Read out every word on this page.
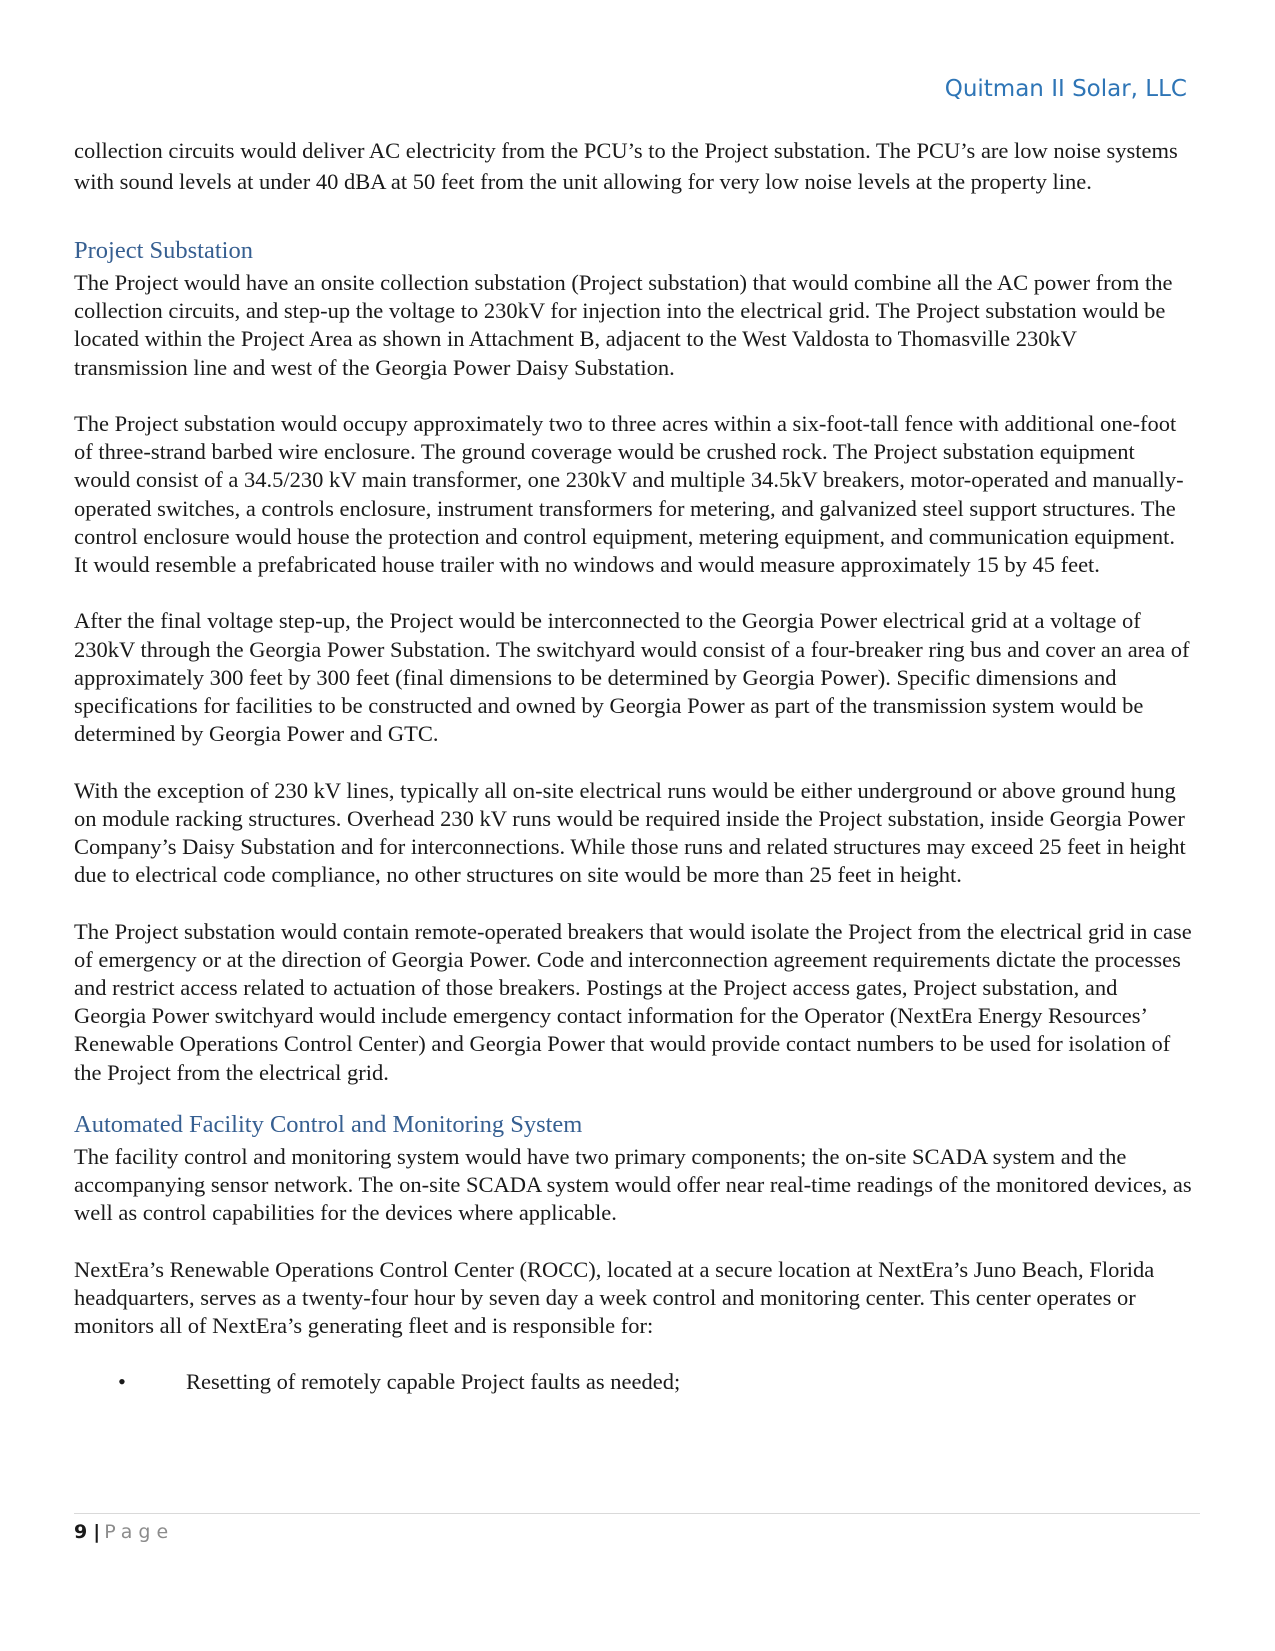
Quitman II Solar, LLC

collection circuits would deliver AC electricity from the PCU’s to the Project substation. The PCU’s are low noise systems with sound levels at under 40 dBA at 50 feet from the unit allowing for very low noise levels at the property line.

Project Substation

The Project would have an onsite collection substation (Project substation) that would combine all the AC power from the collection circuits, and step-up the voltage to 230kV for injection into the electrical grid. The Project substation would be located within the Project Area as shown in Attachment B, adjacent to the West Valdosta to Thomasville 230kV transmission line and west of the Georgia Power Daisy Substation.

The Project substation would occupy approximately two to three acres within a six-foot-tall fence with additional one-foot of three-strand barbed wire enclosure. The ground coverage would be crushed rock. The Project substation equipment would consist of a 34.5/230 kV main transformer, one 230kV and multiple 34.5kV breakers, motor-operated and manually-operated switches, a controls enclosure, instrument transformers for metering, and galvanized steel support structures. The control enclosure would house the protection and control equipment, metering equipment, and communication equipment. It would resemble a prefabricated house trailer with no windows and would measure approximately 15 by 45 feet.

After the final voltage step-up, the Project would be interconnected to the Georgia Power electrical grid at a voltage of 230kV through the Georgia Power Substation. The switchyard would consist of a four-breaker ring bus and cover an area of approximately 300 feet by 300 feet (final dimensions to be determined by Georgia Power). Specific dimensions and specifications for facilities to be constructed and owned by Georgia Power as part of the transmission system would be determined by Georgia Power and GTC.

With the exception of 230 kV lines, typically all on-site electrical runs would be either underground or above ground hung on module racking structures. Overhead 230 kV runs would be required inside the Project substation, inside Georgia Power Company’s Daisy Substation and for interconnections. While those runs and related structures may exceed 25 feet in height due to electrical code compliance, no other structures on site would be more than 25 feet in height.

The Project substation would contain remote-operated breakers that would isolate the Project from the electrical grid in case of emergency or at the direction of Georgia Power. Code and interconnection agreement requirements dictate the processes and restrict access related to actuation of those breakers. Postings at the Project access gates, Project substation, and Georgia Power switchyard would include emergency contact information for the Operator (NextEra Energy Resources’ Renewable Operations Control Center) and Georgia Power that would provide contact numbers to be used for isolation of the Project from the electrical grid.

Automated Facility Control and Monitoring System

The facility control and monitoring system would have two primary components; the on-site SCADA system and the accompanying sensor network. The on-site SCADA system would offer near real-time readings of the monitored devices, as well as control capabilities for the devices where applicable.

NextEra’s Renewable Operations Control Center (ROCC), located at a secure location at NextEra’s Juno Beach, Florida headquarters, serves as a twenty-four hour by seven day a week control and monitoring center. This center operates or monitors all of NextEra’s generating fleet and is responsible for:

•	Resetting of remotely capable Project faults as needed;
9 | Page
